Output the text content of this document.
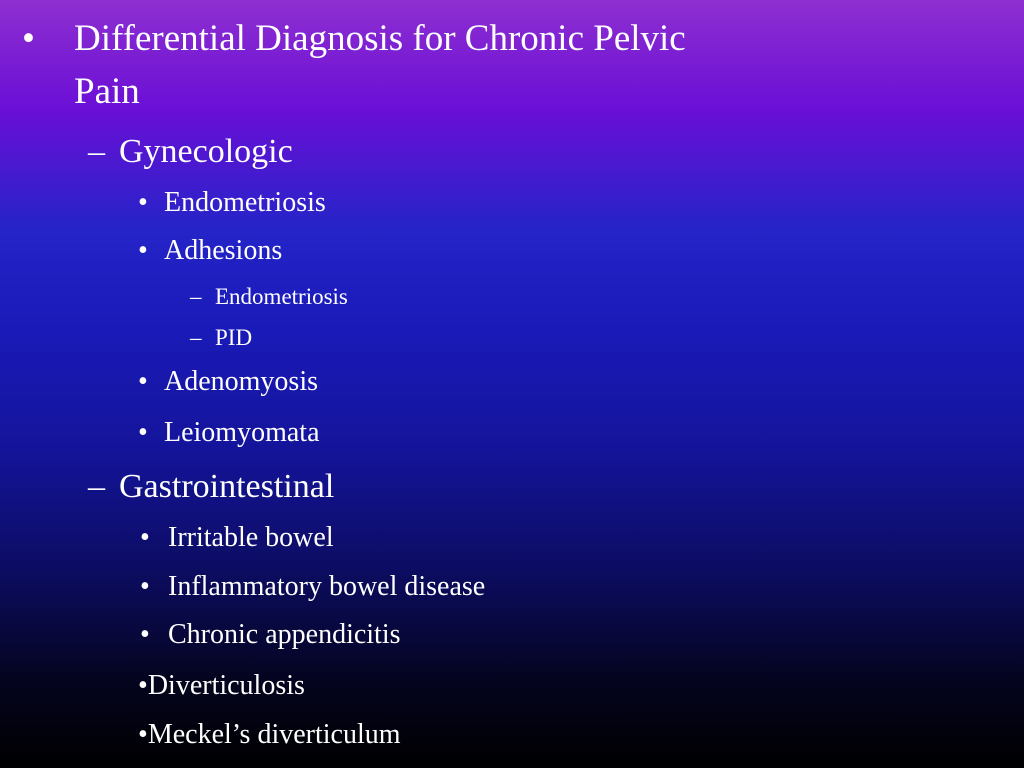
• Differential Diagnosis for Chronic Pelvic
Pain
– Gynecologic
• Endometriosis
• Adhesions
– Endometriosis
– PID
• Adenomyosis
• Leiomyomata
– Gastrointestinal
• Irritable bowel
• Inflammatory bowel disease
• Chronic appendicitis
•Diverticulosis
•Meckel’s diverticulum
